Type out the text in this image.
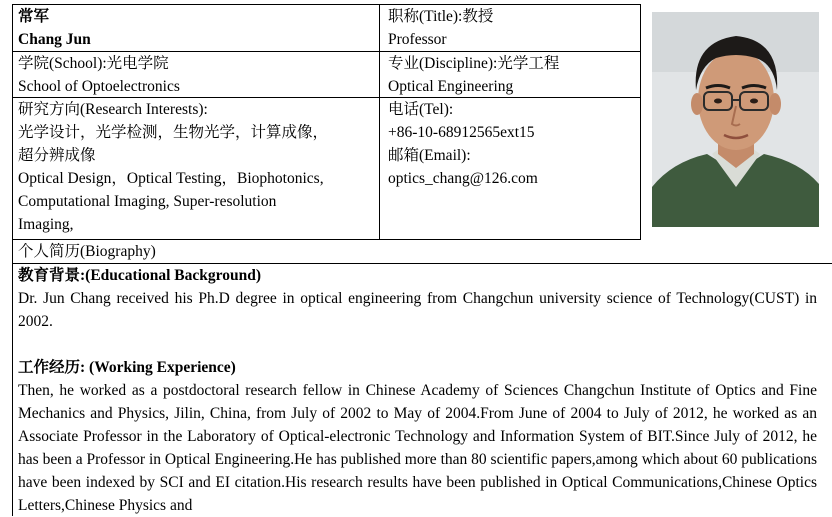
常军
Chang Jun
职称(Title):教授
Professor
学院(School):光电学院
School of Optoelectronics
专业(Discipline):光学工程
Optical Engineering
研究方向(Research Interests):
光学设计，光学检测，生物光学，计算成像，
超分辨成像
Optical Design，Optical Testing，Biophotonics,
Computational Imaging, Super-resolution
Imaging,
电话(Tel):
+86-10-68912565ext15
邮箱(Email):
optics_chang@126.com
个人简历(Biography)
教育背景:(Educational Background)
Dr. Jun Chang received his Ph.D degree in optical engineering from Changchun university science of Technology(CUST) in 2002.
工作经历: (Working Experience)
Then, he worked as a postdoctoral research fellow in Chinese Academy of Sciences Changchun Institute of Optics and Fine Mechanics and Physics, Jilin, China, from July of 2002 to May of 2004.From June of 2004 to July of 2012, he worked as an Associate Professor in the Laboratory of Optical-electronic Technology and Information System of BIT.Since July of 2012, he has been a Professor in Optical Engineering.He has published more than 80 scientific papers,among which about 60 publications have been indexed by SCI and EI citation.His research results have been published in Optical Communications,Chinese Optics Letters,Chinese Physics and
